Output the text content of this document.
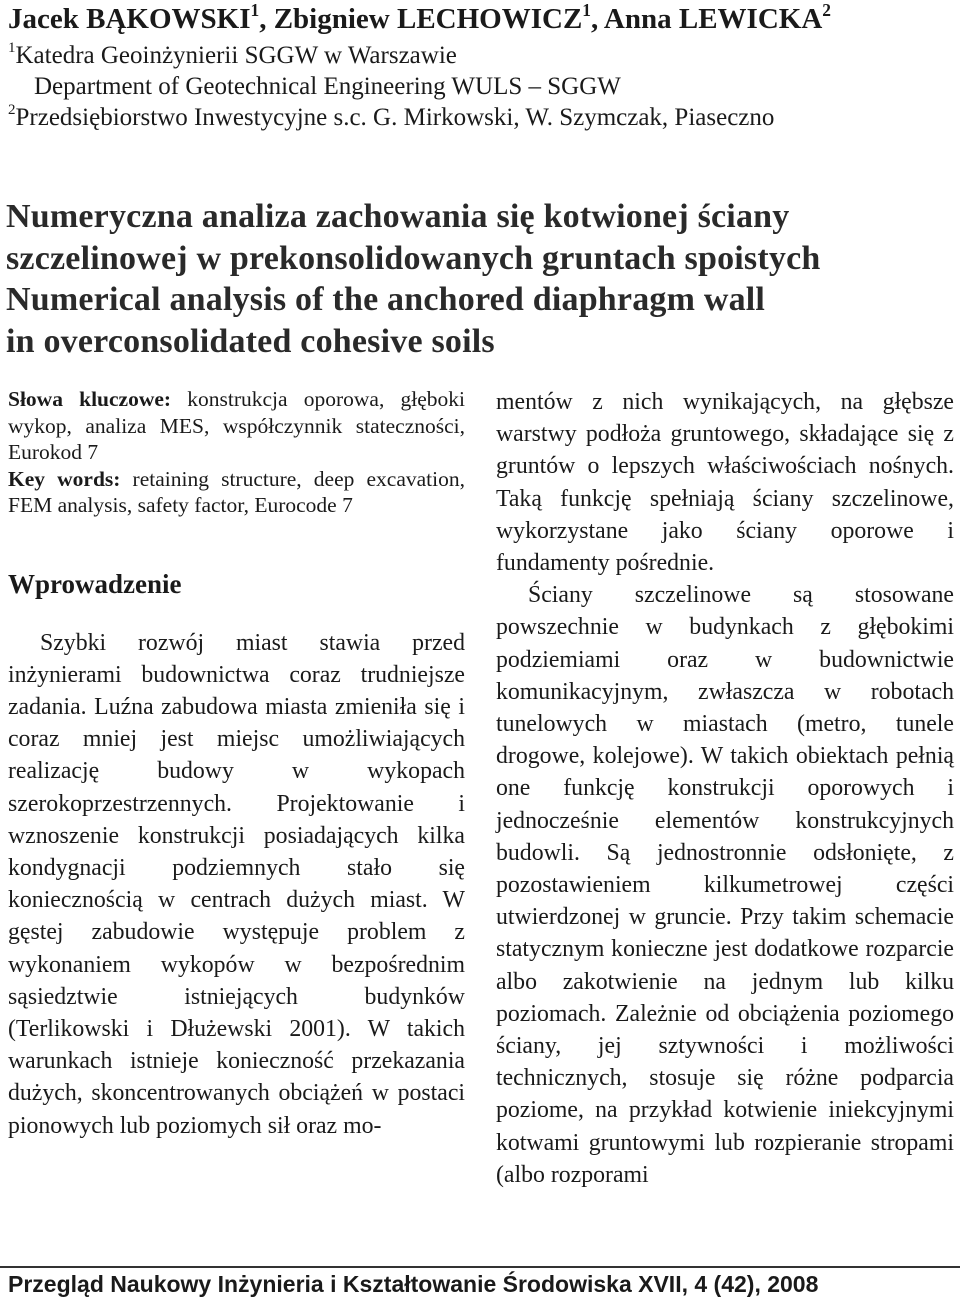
Jacek BĄKOWSKI$^1$, Zbigniew LECHOWICZ$^1$, Anna LEWICKA$^2$
$^1$Katedra Geoinżynierii SGGW w Warszawie
Department of Geotechnical Engineering WULS – SGGW
$^2$Przedsiębiorstwo Inwestycyjne s.c. G. Mirkowski, W. Szymczak, Piaseczno
Numeryczna analiza zachowania się kotwionej ściany
szczelinowej w prekonsolidowanych gruntach spoistych
Numerical analysis of the anchored diaphragm wall
in overconsolidated cohesive soils
Słowa kluczowe: konstrukcja oporowa, głęboki wykop, analiza MES, współczynnik stateczności, Eurokod 7
Key words: retaining structure, deep excavation, FEM analysis, safety factor, Eurocode 7
Wprowadzenie

Szybki rozwój miast stawia przed inżynierami budownictwa coraz trudniejsze zadania. Luźna zabudowa miasta zmieniła się i coraz mniej jest miejsc umożliwiających realizację budowy w wykopach szerokoprzestrzennych. Projektowanie i wznoszenie konstrukcji posiadających kilka kondygnacji podziemnych stało się koniecznością w centrach dużych miast. W gęstej zabudowie występuje problem z wykonaniem wykopów w bezpośrednim sąsiedztwie istniejących budynków (Terlikowski i Dłużewski 2001). W takich warunkach istnieje konieczność przekazania dużych, skoncentrowanych obciążeń w postaci pionowych lub poziomych sił oraz mo-

mentów z nich wynikających, na głębsze warstwy podłoża gruntowego, składające się z gruntów o lepszych właściwościach nośnych. Taką funkcję spełniają ściany szczelinowe, wykorzystane jako ściany oporowe i fundamenty pośrednie.

Ściany szczelinowe są stosowane powszechnie w budynkach z głębokimi podziemiami oraz w budownictwie komunikacyjnym, zwłaszcza w robotach tunelowych w miastach (metro, tunele drogowe, kolejowe). W takich obiektach pełnią one funkcję konstrukcji oporowych i jednocześnie elementów konstrukcyjnych budowli. Są jednostronnie odsłonięte, z pozostawieniem kilkumetrowej części utwierdzonej w gruncie. Przy takim schemacie statycznym konieczne jest dodatkowe rozparcie albo zakotwienie na jednym lub kilku poziomach. Zależnie od obciążenia poziomego ściany, jej sztywności i możliwości technicznych, stosuje się różne podparcia poziome, na przykład kotwienie iniekcyjnymi kotwami gruntowymi lub rozpieranie stropami (albo rozporami

Przegląd Naukowy Inżynieria i Kształtowanie Środowiska XVII, 4 (42), 2008
